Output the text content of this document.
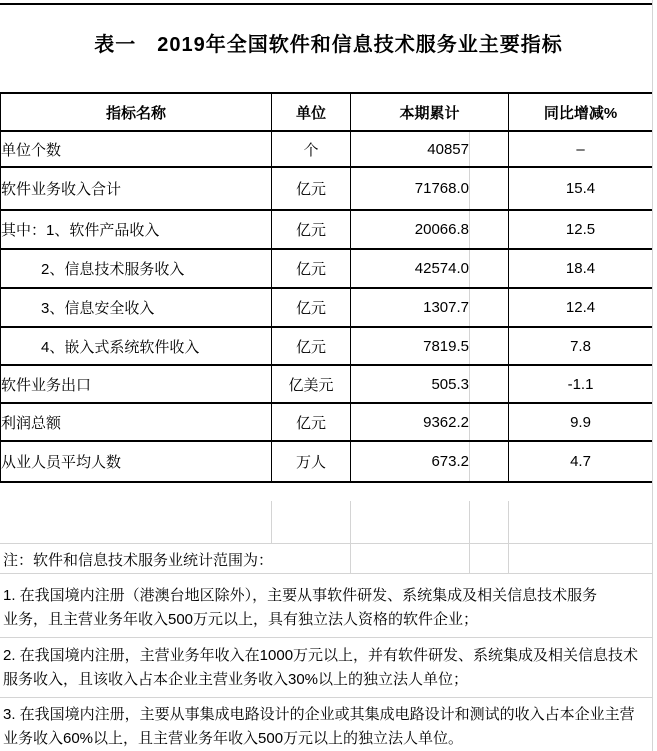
表一　2019年全国软件和信息技术服务业主要指标
指标名称	单位	本期累计		同比增减%
单位个数	个	40857		–
软件业务收入合计	亿元	71768.0		15.4
其中：1、软件产品收入	亿元	20066.8		12.5
2、信息技术服务收入	亿元	42574.0		18.4
3、信息安全收入	亿元	1307.7		12.4
4、嵌入式系统软件收入	亿元	7819.5		7.8
软件业务出口	亿美元	505.3		-1.1
利润总额	亿元	9362.2		9.9
从业人员平均人数	万人	673.2		4.7
注：软件和信息技术服务业统计范围为：
1. 在我国境内注册（港澳台地区除外），主要从事软件研发、系统集成及相关信息技术服务
业务，且主营业务年收入500万元以上，具有独立法人资格的软件企业；
2. 在我国境内注册，主营业务年收入在1000万元以上，并有软件研发、系统集成及相关信息技术
服务收入，且该收入占本企业主营业务收入30%以上的独立法人单位；
3. 在我国境内注册，主要从事集成电路设计的企业或其集成电路设计和测试的收入占本企业主营
业务收入60%以上，且主营业务年收入500万元以上的独立法人单位。
